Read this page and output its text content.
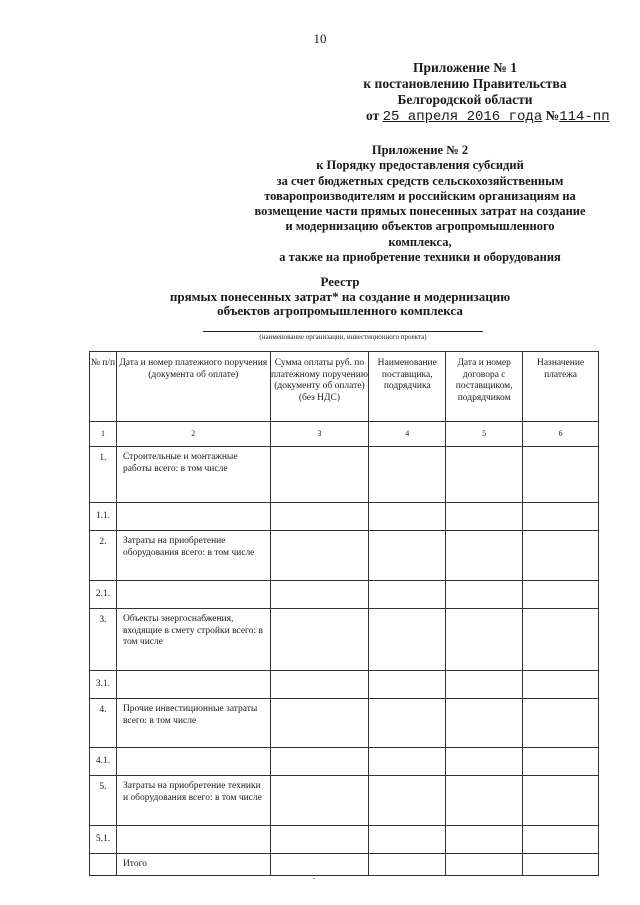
10
Приложение № 1
к постановлению Правительства
Белгородской области
от 25 апреля 2016 года №114-пп
Приложение № 2
к Порядку предоставления субсидий
за счет бюджетных средств сельскохозяйственным
товаропроизводителям и российским организациям на
возмещение части прямых понесенных затрат на создание
и модернизацию объектов агропромышленного
комплекса,
а также на приобретение техники и оборудования
Реестр
прямых понесенных затрат* на создание и модернизацию
объектов агропромышленного комплекса
(наименование организации, инвестиционного проекта)
№ п/п	Дата и номер платежного поручения (документа об оплате)	Сумма оплаты руб. по платежному поручению (документу об оплате) (без НДС)	Наименование поставщика, подрядчика	Дата и номер договора с поставщиком, подрядчиком	Назначение платежа
1	2	3	4	5	6
1.	Строительные и монтажные работы всего: в том числе				
1.1.					
2.	Затраты на приобретение оборудования всего: в том числе				
2.1.					
3.	Объекты энергоснабжения, входящие в смету стройки всего: в том числе				
3.1.					
4.	Прочие инвестиционные затраты всего: в том числе				
4.1.					
5.	Затраты на приобретение техники и оборудования всего: в том числе				
5.1.					
	Итого				
.
